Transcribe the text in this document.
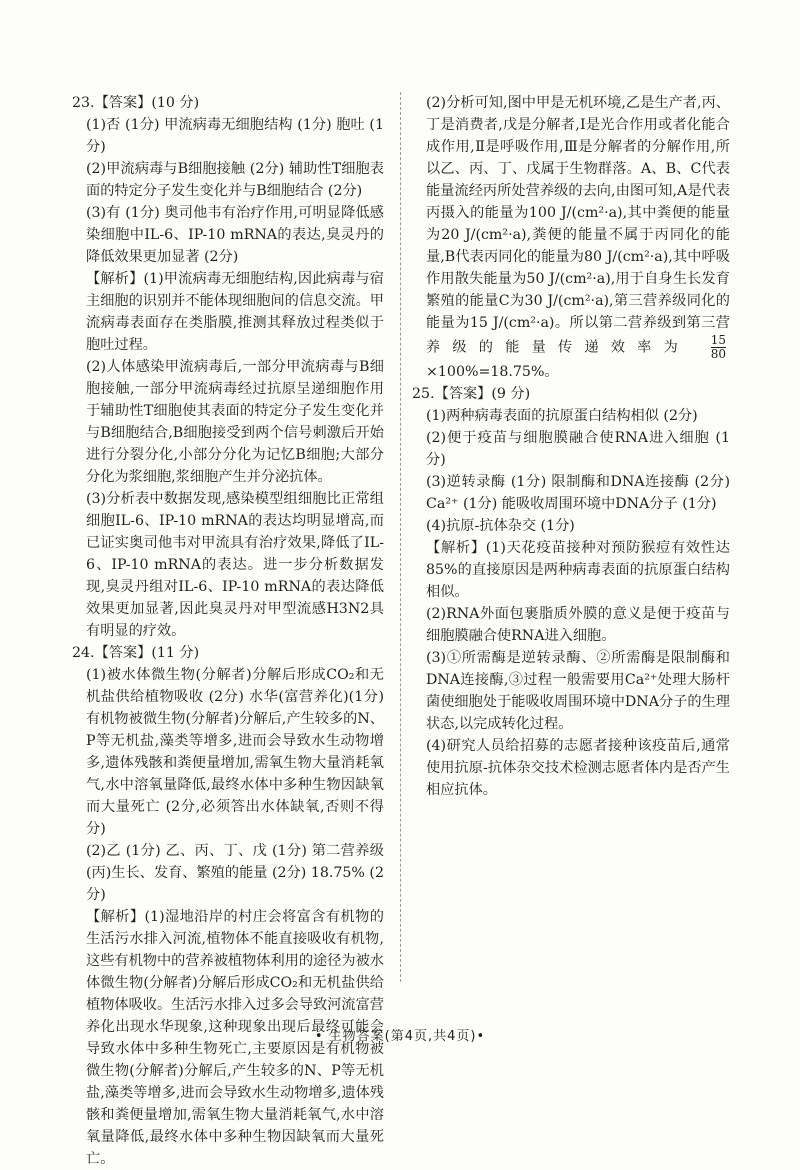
23.【答案】(10 分)

(1)否 (1分) 甲流病毒无细胞结构 (1分) 胞吐 (1分)

(2)甲流病毒与B细胞接触 (2分) 辅助性T细胞表面的特定分子发生变化并与B细胞结合 (2分)

(3)有 (1分) 奥司他韦有治疗作用,可明显降低感染细胞中IL-6、IP-10 mRNA的表达,臭灵丹的降低效果更加显著 (2分)

【解析】(1)甲流病毒无细胞结构,因此病毒与宿主细胞的识别并不能体现细胞间的信息交流。甲流病毒表面存在类脂膜,推测其释放过程类似于胞吐过程。

(2)人体感染甲流病毒后,一部分甲流病毒与B细胞接触,一部分甲流病毒经过抗原呈递细胞作用于辅助性T细胞使其表面的特定分子发生变化并与B细胞结合,B细胞接受到两个信号刺激后开始进行分裂分化,小部分分化为记忆B细胞;大部分分化为浆细胞,浆细胞产生并分泌抗体。

(3)分析表中数据发现,感染模型组细胞比正常组细胞IL-6、IP-10 mRNA的表达均明显增高,而已证实奥司他韦对甲流具有治疗效果,降低了IL-6、IP-10 mRNA的表达。进一步分析数据发现,臭灵丹组对IL-6、IP-10 mRNA的表达降低效果更加显著,因此臭灵丹对甲型流感H3N2具有明显的疗效。

24.【答案】(11 分)

(1)被水体微生物(分解者)分解后形成CO₂和无机盐供给植物吸收 (2分) 水华(富营养化)(1分) 有机物被微生物(分解者)分解后,产生较多的N、P等无机盐,藻类等增多,进而会导致水生动物增多,遗体残骸和粪便量增加,需氧生物大量消耗氧气,水中溶氧量降低,最终水体中多种生物因缺氧而大量死亡 (2分,必须答出水体缺氧,否则不得分)

(2)乙 (1分) 乙、丙、丁、戊 (1分) 第二营养级(丙)生长、发育、繁殖的能量 (2分) 18.75% (2分)

【解析】(1)湿地沿岸的村庄会将富含有机物的生活污水排入河流,植物体不能直接吸收有机物,这些有机物中的营养被植物体利用的途径为被水体微生物(分解者)分解后形成CO₂和无机盐供给植物体吸收。生活污水排入过多会导致河流富营养化出现水华现象,这种现象出现后最终可能会导致水体中多种生物死亡,主要原因是有机物被微生物(分解者)分解后,产生较多的N、P等无机盐,藻类等增多,进而会导致水生动物增多,遗体残骸和粪便量增加,需氧生物大量消耗氧气,水中溶氧量降低,最终水体中多种生物因缺氧而大量死亡。

(2)分析可知,图中甲是无机环境,乙是生产者,丙、丁是消费者,戊是分解者,Ⅰ是光合作用或者化能合成作用,Ⅱ是呼吸作用,Ⅲ是分解者的分解作用,所以乙、丙、丁、戊属于生物群落。A、B、C代表能量流经丙所处营养级的去向,由图可知,A是代表丙摄入的能量为100 J/(cm²·a),其中粪便的能量为20 J/(cm²·a),粪便的能量不属于丙同化的能量,B代表丙同化的能量为80 J/(cm²·a),其中呼吸作用散失能量为50 J/(cm²·a),用于自身生长发育繁殖的能量C为30 J/(cm²·a),第三营养级同化的能量为15 J/(cm²·a)。所以第二营养级到第三营养级的能量传递效率为 $\frac{15}{80}$
×100%=18.75%。

25.【答案】(9 分)

(1)两种病毒表面的抗原蛋白结构相似 (2分)

(2)便于疫苗与细胞膜融合使RNA进入细胞 (1分)

(3)逆转录酶 (1分) 限制酶和DNA连接酶 (2分) Ca²⁺ (1分) 能吸收周围环境中DNA分子 (1分)

(4)抗原-抗体杂交 (1分)

【解析】(1)天花疫苗接种对预防猴痘有效性达85%的直接原因是两种病毒表面的抗原蛋白结构相似。

(2)RNA外面包裹脂质外膜的意义是便于疫苗与细胞膜融合使RNA进入细胞。

(3)①所需酶是逆转录酶、②所需酶是限制酶和DNA连接酶,③过程一般需要用Ca²⁺处理大肠杆菌使细胞处于能吸收周围环境中DNA分子的生理状态,以完成转化过程。

(4)研究人员给招募的志愿者接种该疫苗后,通常使用抗原-抗体杂交技术检测志愿者体内是否产生相应抗体。

• 生物答案(第4页,共4页)•
